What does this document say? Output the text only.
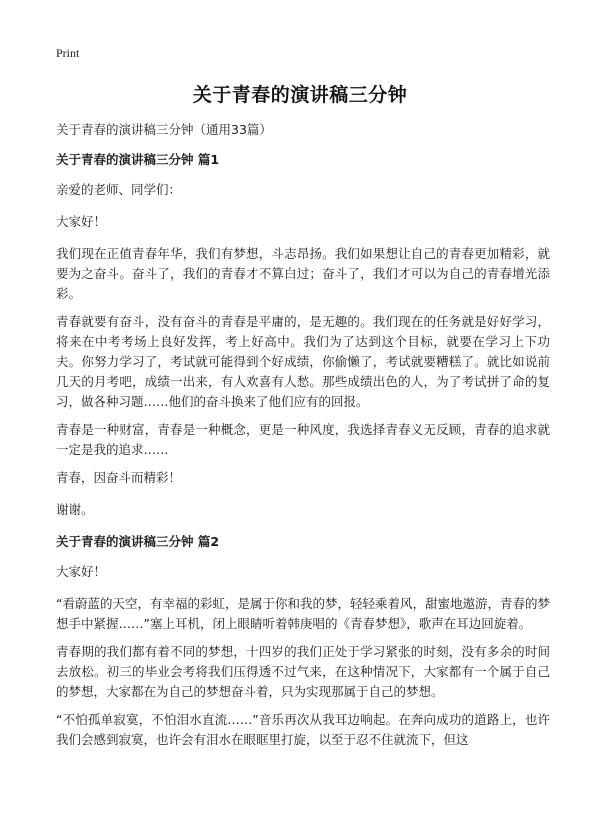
Print
关于青春的演讲稿三分钟

关于青春的演讲稿三分钟（通用33篇）

关于青春的演讲稿三分钟 篇1

亲爱的老师、同学们：

大家好！

我们现在正值青春年华，我们有梦想，斗志昂扬。我们如果想让自己的青春更加精彩，就要为之奋斗。奋斗了，我们的青春才不算白过；奋斗了，我们才可以为自己的青春增光添彩。

青春就要有奋斗，没有奋斗的青春是平庸的，是无趣的。我们现在的任务就是好好学习，将来在中考考场上良好发挥，考上好高中。我们为了达到这个目标，就要在学习上下功夫。你努力学习了，考试就可能得到个好成绩，你偷懒了，考试就要糟糕了。就比如说前几天的月考吧，成绩一出来，有人欢喜有人愁。那些成绩出色的人，为了考试拼了命的复习，做各种习题……他们的奋斗换来了他们应有的回报。

青春是一种财富，青春是一种概念，更是一种风度，我选择青春义无反顾，青春的追求就一定是我的追求……

青春，因奋斗而精彩！

谢谢。

关于青春的演讲稿三分钟 篇2

大家好！

“看蔚蓝的天空，有幸福的彩虹，是属于你和我的梦，轻轻乘着风，甜蜜地遨游，青春的梦想手中紧握……”塞上耳机，闭上眼睛听着韩庚唱的《青春梦想》，歌声在耳边回旋着。

青春期的我们都有着不同的梦想，十四岁的我们正处于学习紧张的时刻，没有多余的时间去放松。初三的毕业会考将我们压得透不过气来，在这种情况下，大家都有一个属于自己的梦想，大家都在为自己的梦想奋斗着，只为实现那属于自己的梦想。

“不怕孤单寂寞，不怕泪水直流……”音乐再次从我耳边响起。在奔向成功的道路上，也许我们会感到寂寞，也许会有泪水在眼眶里打旋，以至于忍不住就流下，但这
